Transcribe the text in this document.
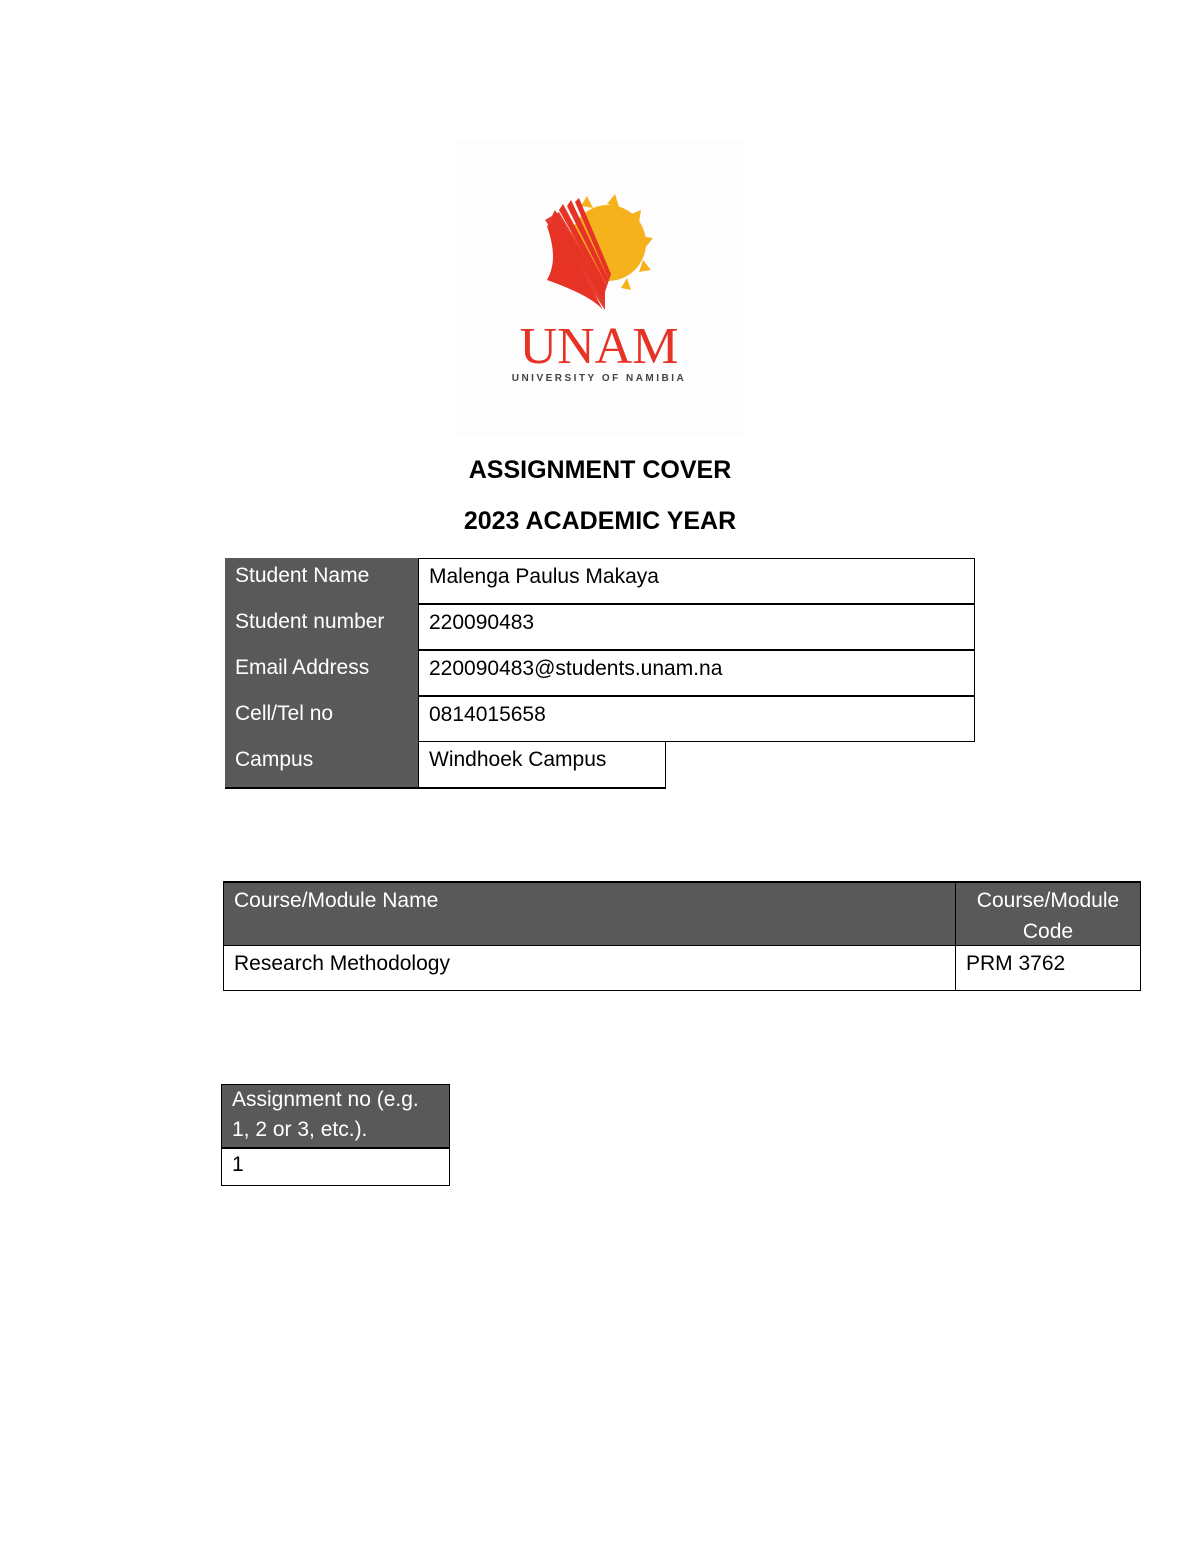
UNAM
UNIVERSITY OF NAMIBIA
ASSIGNMENT COVER
2023 ACADEMIC YEAR
Student Name	Malenga Paulus Makaya
Student number	220090483
Email Address	220090483@students.unam.na
Cell/Tel no	0814015658
Campus	Windhoek Campus
Course/Module Name	Course/Module Code
Research Methodology	PRM 3762
Assignment no (e.g. 1, 2 or 3, etc.).
1
